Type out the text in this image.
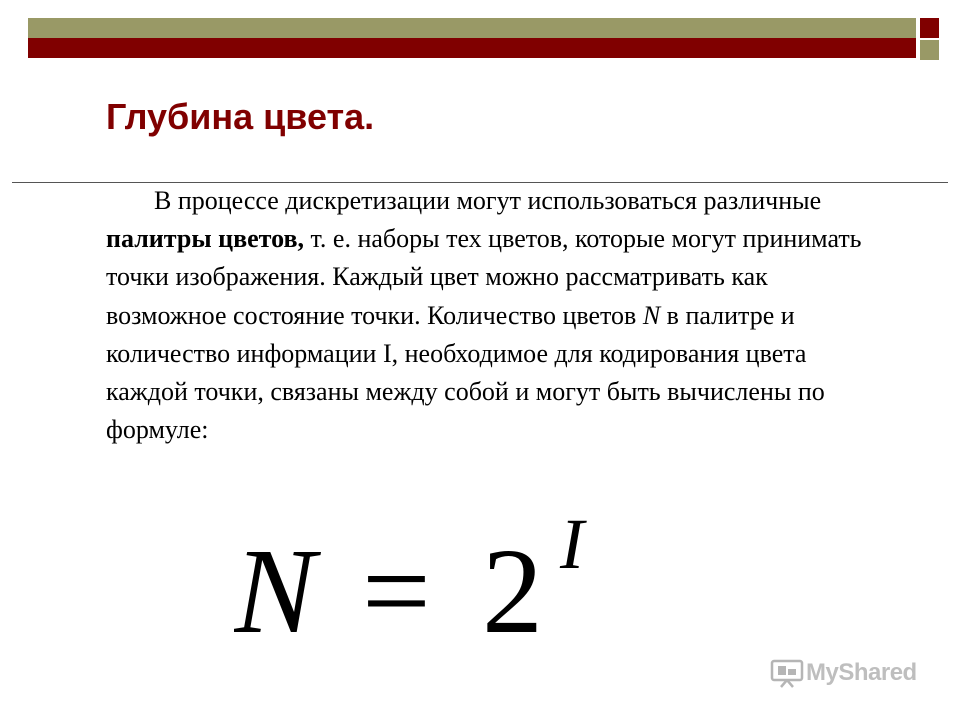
Глубина цвета.

В процессе дискретизации могут использоваться различные палитры цветов, т. е. наборы тех цветов, которые могут принимать точки изображения. Каждый цвет можно рассматривать как возможное состояние точки. Количество цветов N в палитре и количество информации I, необходимое для кодирования цвета каждой точки, связаны между собой и могут быть вычислены по формуле:

N = 2 I
MyShared
